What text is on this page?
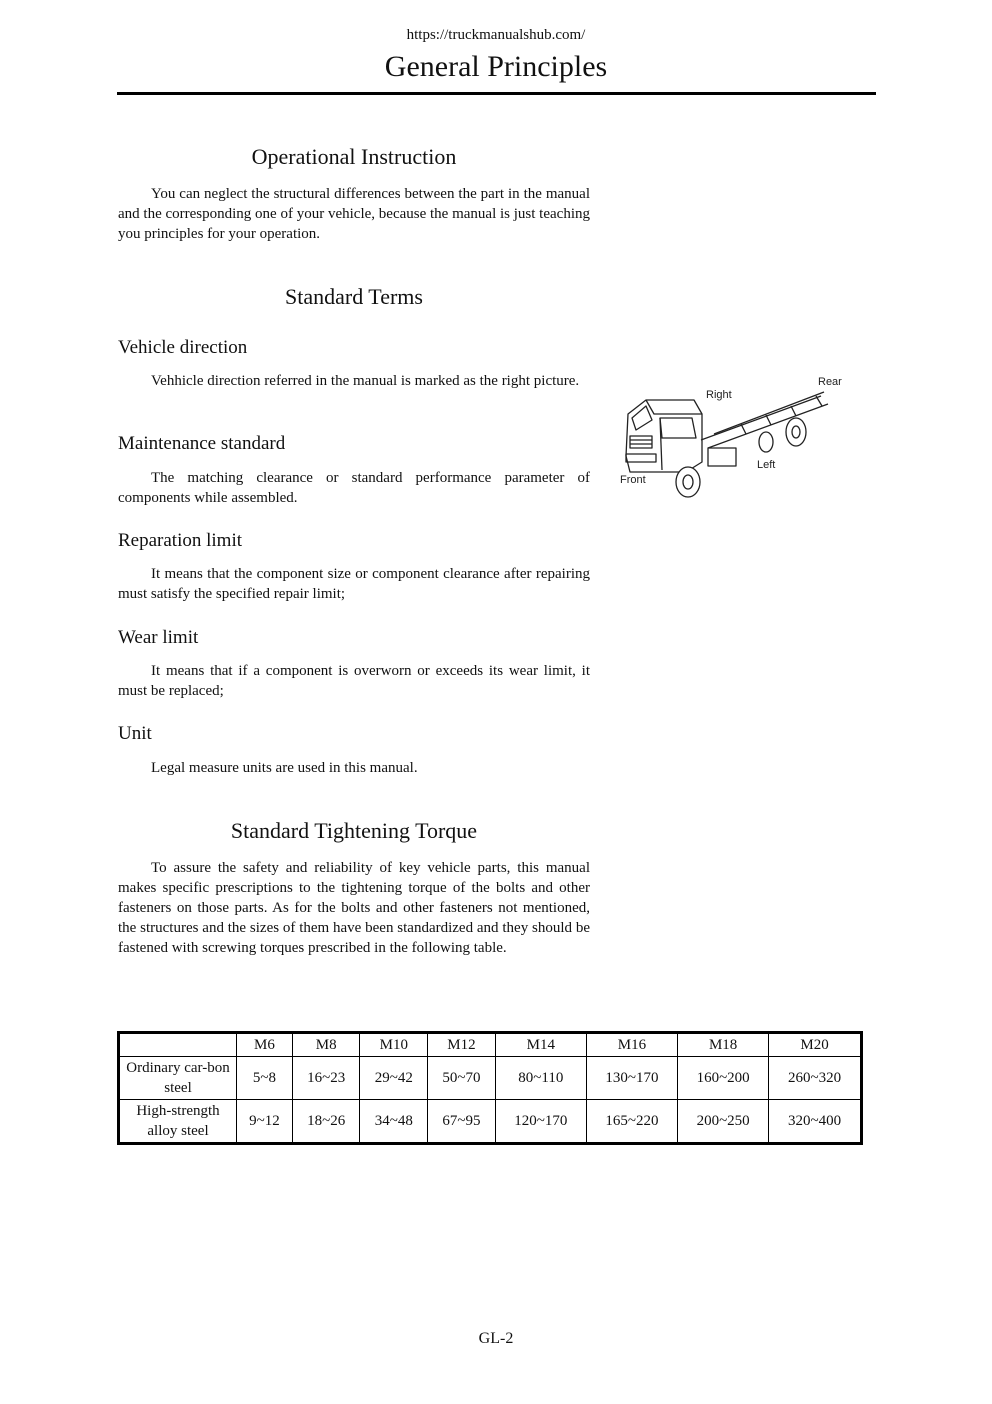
https://truckmanualshub.com/
General Principles
Operational Instruction

You can neglect the structural differences between the part in the manual and the corresponding one of your vehicle, because the manual is just teaching you principles for your operation.

Standard Terms
Vehicle direction

Vehhicle direction referred in the manual is marked as the right picture.

Maintenance standard

The matching clearance or standard performance parameter of components while assembled.

Reparation limit

It means that the component size or component clearance after repairing must satisfy the specified repair limit;

Wear limit

It means that if a component is overworn or exceeds its wear limit, it must be replaced;

Unit

Legal measure units are used in this manual.

Right
Rear
Left
Front
Standard Tightening Torque

To assure the safety and reliability of key vehicle parts, this manual makes specific prescriptions to the tightening torque of the bolts and other fasteners on those parts. As for the bolts and other fasteners not mentioned, the structures and the sizes of them have been standardized and they should be fastened with screwing torques prescribed in the following table.

	M6	M8	M10	M12	M14	M16	M18	M20
Ordinary car-bon steel	5~8	16~23	29~42	50~70	80~110	130~170	160~200	260~320
High-strength alloy steel	9~12	18~26	34~48	67~95	120~170	165~220	200~250	320~400
GL-2
